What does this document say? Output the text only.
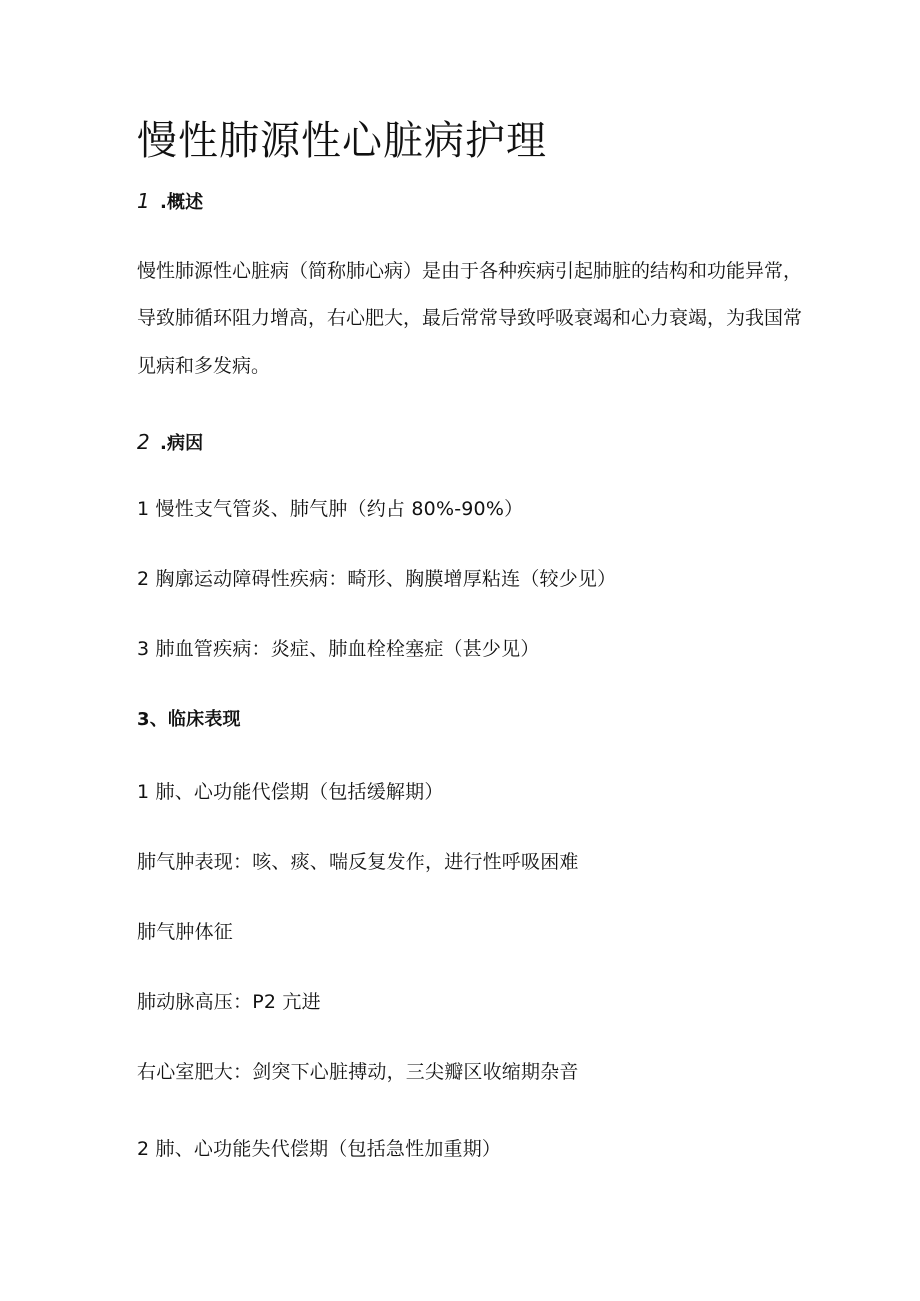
慢性肺源性心脏病护理
1 .概述
慢性肺源性心脏病（简称肺心病）是由于各种疾病引起肺脏的结构和功能异常，
导致肺循环阻力增高，右心肥大，最后常常导致呼吸衰竭和心力衰竭，为我国常
见病和多发病。
2 .病因
1 慢性支气管炎、肺气肿（约占 80%-90%）
2 胸廓运动障碍性疾病：畸形、胸膜增厚粘连（较少见）
3 肺血管疾病：炎症、肺血栓栓塞症（甚少见）
3、临床表现
1 肺、心功能代偿期（包括缓解期）
肺气肿表现：咳、痰、喘反复发作，进行性呼吸困难
肺气肿体征
肺动脉高压：P2 亢进
右心室肥大：剑突下心脏搏动，三尖瓣区收缩期杂音
2 肺、心功能失代偿期（包括急性加重期）
